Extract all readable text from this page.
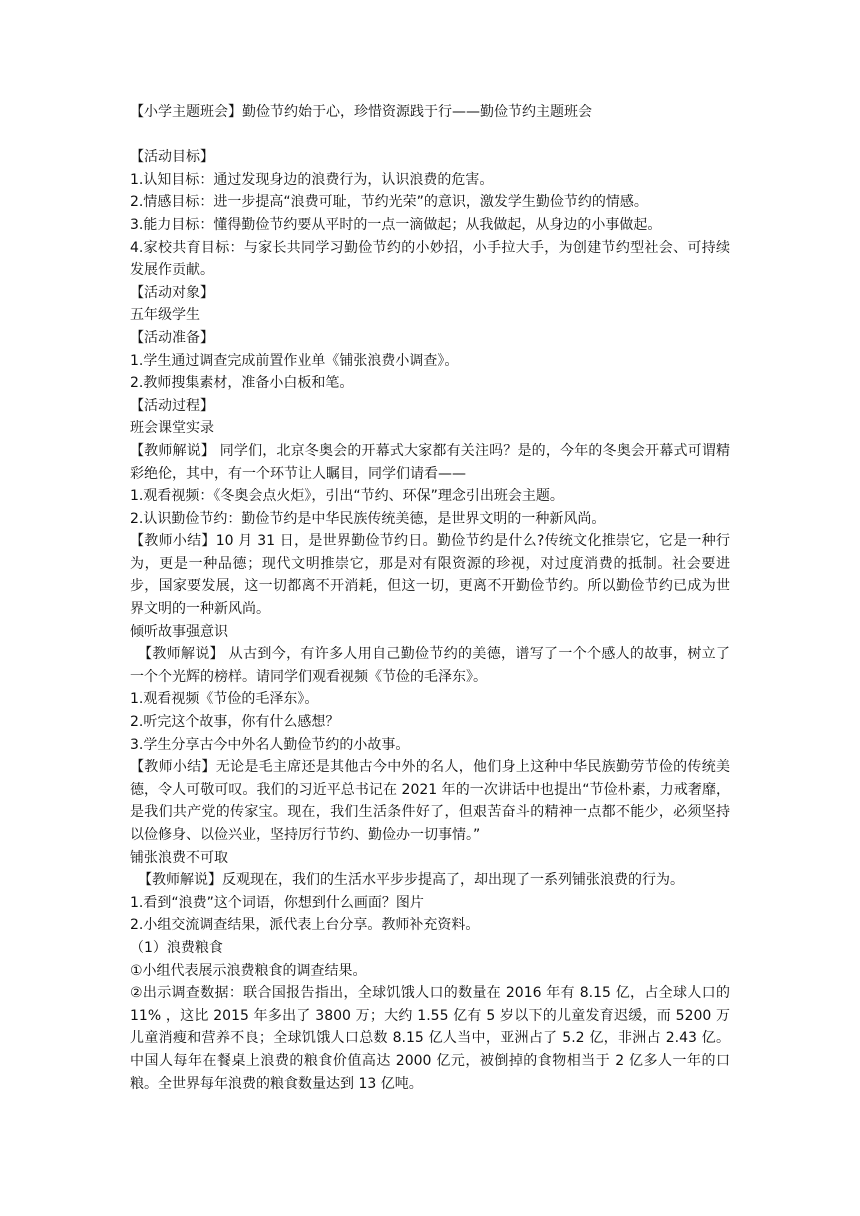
【小学主题班会】勤俭节约始于心，珍惜资源践于行——勤俭节约主题班会

【活动目标】

1.认知目标：通过发现身边的浪费行为，认识浪费的危害。

2.情感目标：进一步提高“浪费可耻，节约光荣”的意识，激发学生勤俭节约的情感。

3.能力目标：懂得勤俭节约要从平时的一点一滴做起；从我做起，从身边的小事做起。

4.家校共育目标：与家长共同学习勤俭节约的小妙招，小手拉大手，为创建节约型社会、可持续发展作贡献。

【活动对象】

五年级学生

【活动准备】

1.学生通过调查完成前置作业单《铺张浪费小调查》。

2.教师搜集素材，准备小白板和笔。

【活动过程】

班会课堂实录

【教师解说】 同学们，北京冬奥会的开幕式大家都有关注吗？是的，今年的冬奥会开幕式可谓精彩绝伦，其中，有一个环节让人瞩目，同学们请看——

1.观看视频：《冬奥会点火炬》，引出“节约、环保”理念引出班会主题。

2.认识勤俭节约：勤俭节约是中华民族传统美德，是世界文明的一种新风尚。

【教师小结】10 月 31 日，是世界勤俭节约日。勤俭节约是什么?传统文化推崇它，它是一种行为，更是一种品德；现代文明推崇它，那是对有限资源的珍视，对过度消费的抵制。社会要进步，国家要发展，这一切都离不开消耗，但这一切，更离不开勤俭节约。所以勤俭节约已成为世界文明的一种新风尚。

倾听故事强意识

【教师解说】 从古到今，有许多人用自己勤俭节约的美德，谱写了一个个感人的故事，树立了一个个光辉的榜样。请同学们观看视频《节俭的毛泽东》。

1.观看视频《节俭的毛泽东》。

2.听完这个故事，你有什么感想？

3.学生分享古今中外名人勤俭节约的小故事。

【教师小结】无论是毛主席还是其他古今中外的名人，他们身上这种中华民族勤劳节俭的传统美德，令人可敬可叹。我们的习近平总书记在 2021 年的一次讲话中也提出“节俭朴素，力戒奢靡，是我们共产党的传家宝。现在，我们生活条件好了，但艰苦奋斗的精神一点都不能少，必须坚持以俭修身、以俭兴业，坚持厉行节约、勤俭办一切事情。”

铺张浪费不可取

【教师解说】反观现在，我们的生活水平步步提高了，却出现了一系列铺张浪费的行为。

1.看到“浪费”这个词语，你想到什么画面？图片

2.小组交流调查结果，派代表上台分享。教师补充资料。

（1）浪费粮食

①小组代表展示浪费粮食的调查结果。

②出示调查数据：联合国报告指出，全球饥饿人口的数量在 2016 年有 8.15 亿，占全球人口的 11% ，这比 2015 年多出了 3800 万；大约 1.55 亿有 5 岁以下的儿童发育迟缓，而 5200 万儿童消瘦和营养不良；全球饥饿人口总数 8.15 亿人当中，亚洲占了 5.2 亿，非洲占 2.43 亿。中国人每年在餐桌上浪费的粮食价值高达 2000 亿元，被倒掉的食物相当于 2 亿多人一年的口粮。全世界每年浪费的粮食数量达到 13 亿吨。
